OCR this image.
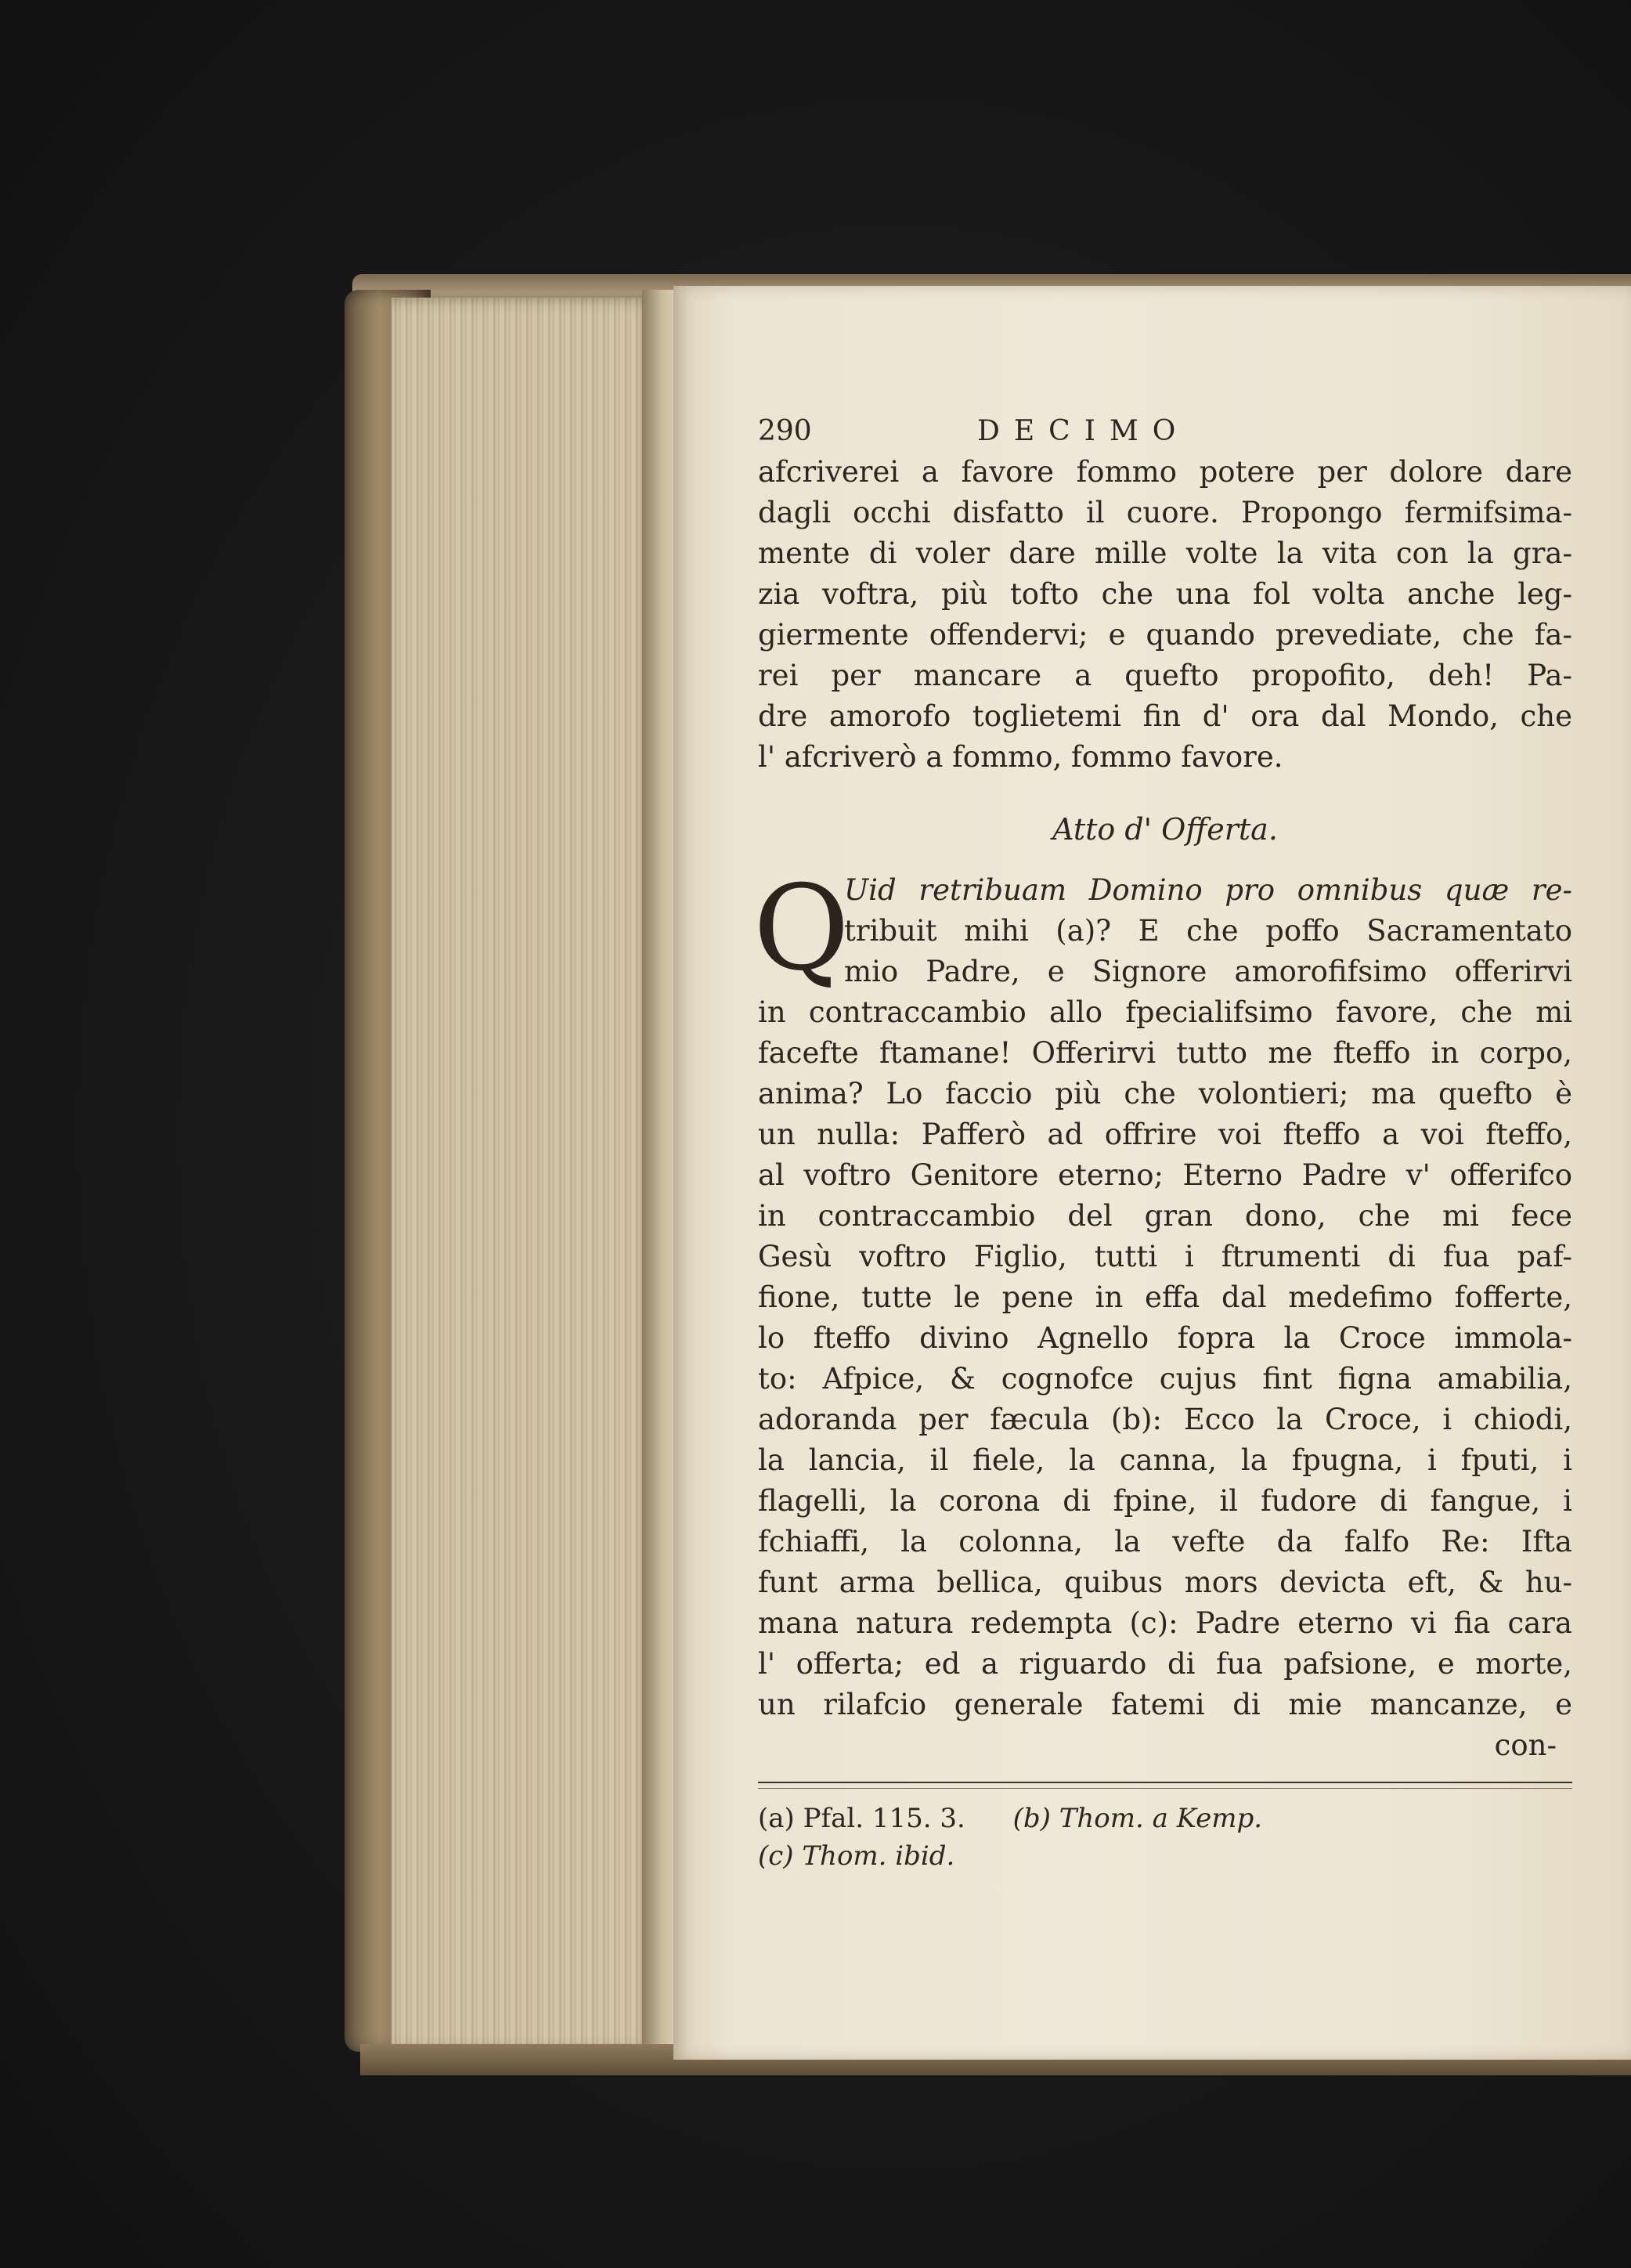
290	DECIMO
afcriverei a favore fommo potere per dolore dare
dagli occhi disfatto il cuore. Propongo fermifsima-
mente di voler dare mille volte la vita con la gra-
zia voftra, più tofto che una fol volta anche leg-
giermente offendervi; e quando prevediate, che fa-
rei per mancare a quefto propofito, deh! Pa-
dre amorofo toglietemi fin d' ora dal Mondo, che
l' afcriverò a fommo, fommo favore.
Atto d' Offerta.
Q
Uid retribuam Domino pro omnibus quæ re-
tribuit mihi (a)? E che poffo Sacramentato
mio Padre, e Signore amorofifsimo offerirvi
in contraccambio allo fpecialifsimo favore, che mi
facefte ftamane! Offerirvi tutto me fteffo in corpo,
anima? Lo faccio più che volontieri; ma quefto è
un nulla: Pafferò ad offrire voi fteffo a voi fteffo,
al voftro Genitore eterno; Eterno Padre v' offerifco
in contraccambio del gran dono, che mi fece
Gesù voftro Figlio, tutti i ftrumenti di fua paf-
fione, tutte le pene in effa dal medefimo fofferte,
lo fteffo divino Agnello fopra la Croce immola-
to: Afpice, & cognofce cujus fint figna amabilia,
adoranda per fæcula (b): Ecco la Croce, i chiodi,
la lancia, il fiele, la canna, la fpugna, i fputi, i
flagelli, la corona di fpine, il fudore di fangue, i
fchiaffi, la colonna, la vefte da falfo Re: Ifta
funt arma bellica, quibus mors devicta eft, & hu-
mana natura redempta (c): Padre eterno vi fia cara
l' offerta; ed a riguardo di fua pafsione, e morte,
un rilafcio generale fatemi di mie mancanze, e
con-
(a) Pfal. 115. 3. (b) Thom. a Kemp.
(c) Thom. ibid.
